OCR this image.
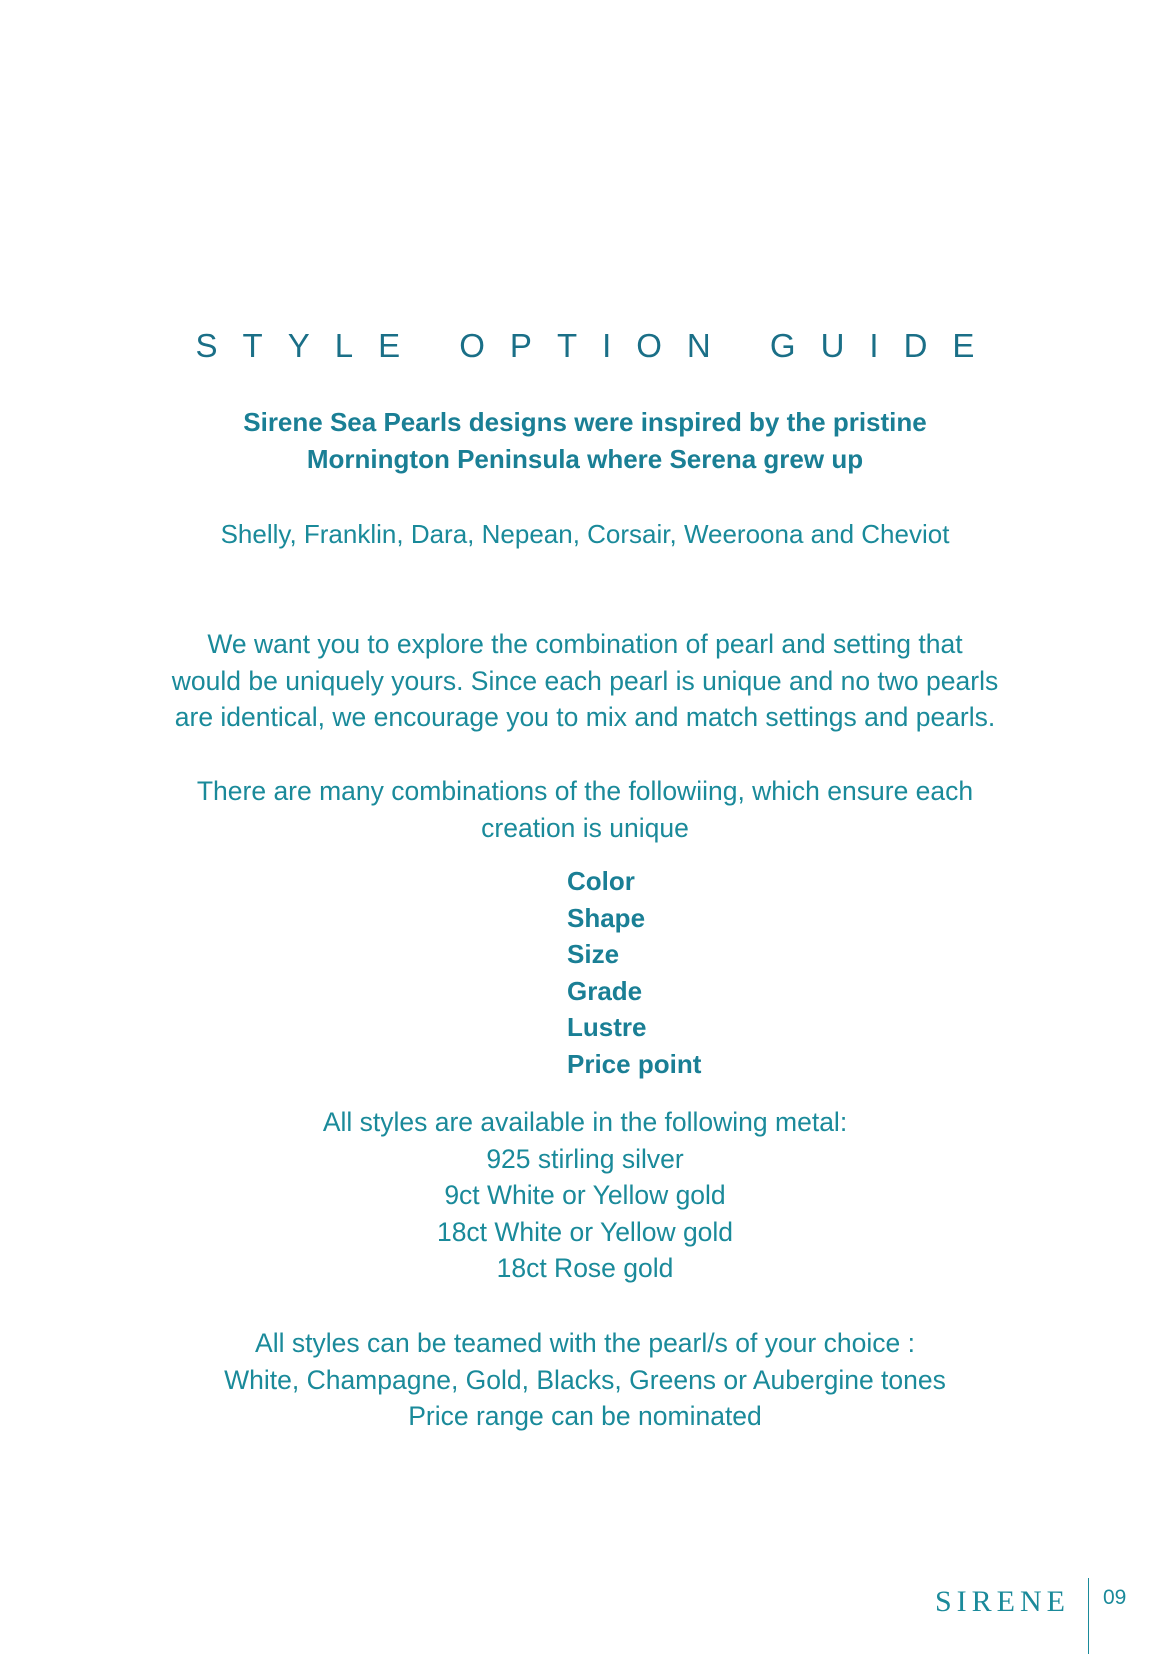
STYLE OPTION GUIDE

Sirene Sea Pearls designs were inspired by the pristine
Mornington Peninsula where Serena grew up

Shelly, Franklin, Dara, Nepean, Corsair, Weeroona and Cheviot

We want you to explore the combination of pearl and setting that
would be uniquely yours. Since each pearl is unique and no two pearls
are identical, we encourage you to mix and match settings and pearls.

There are many combinations of the followiing, which ensure each
creation is unique

Color
Shape
Size
Grade
Lustre
Price point

All styles are available in the following metal:
925 stirling silver
9ct White or Yellow gold
18ct White or Yellow gold
18ct Rose gold

All styles can be teamed with the pearl/s of your choice :
White, Champagne, Gold, Blacks, Greens or Aubergine tones
Price range can be nominated

SIRENE 09
